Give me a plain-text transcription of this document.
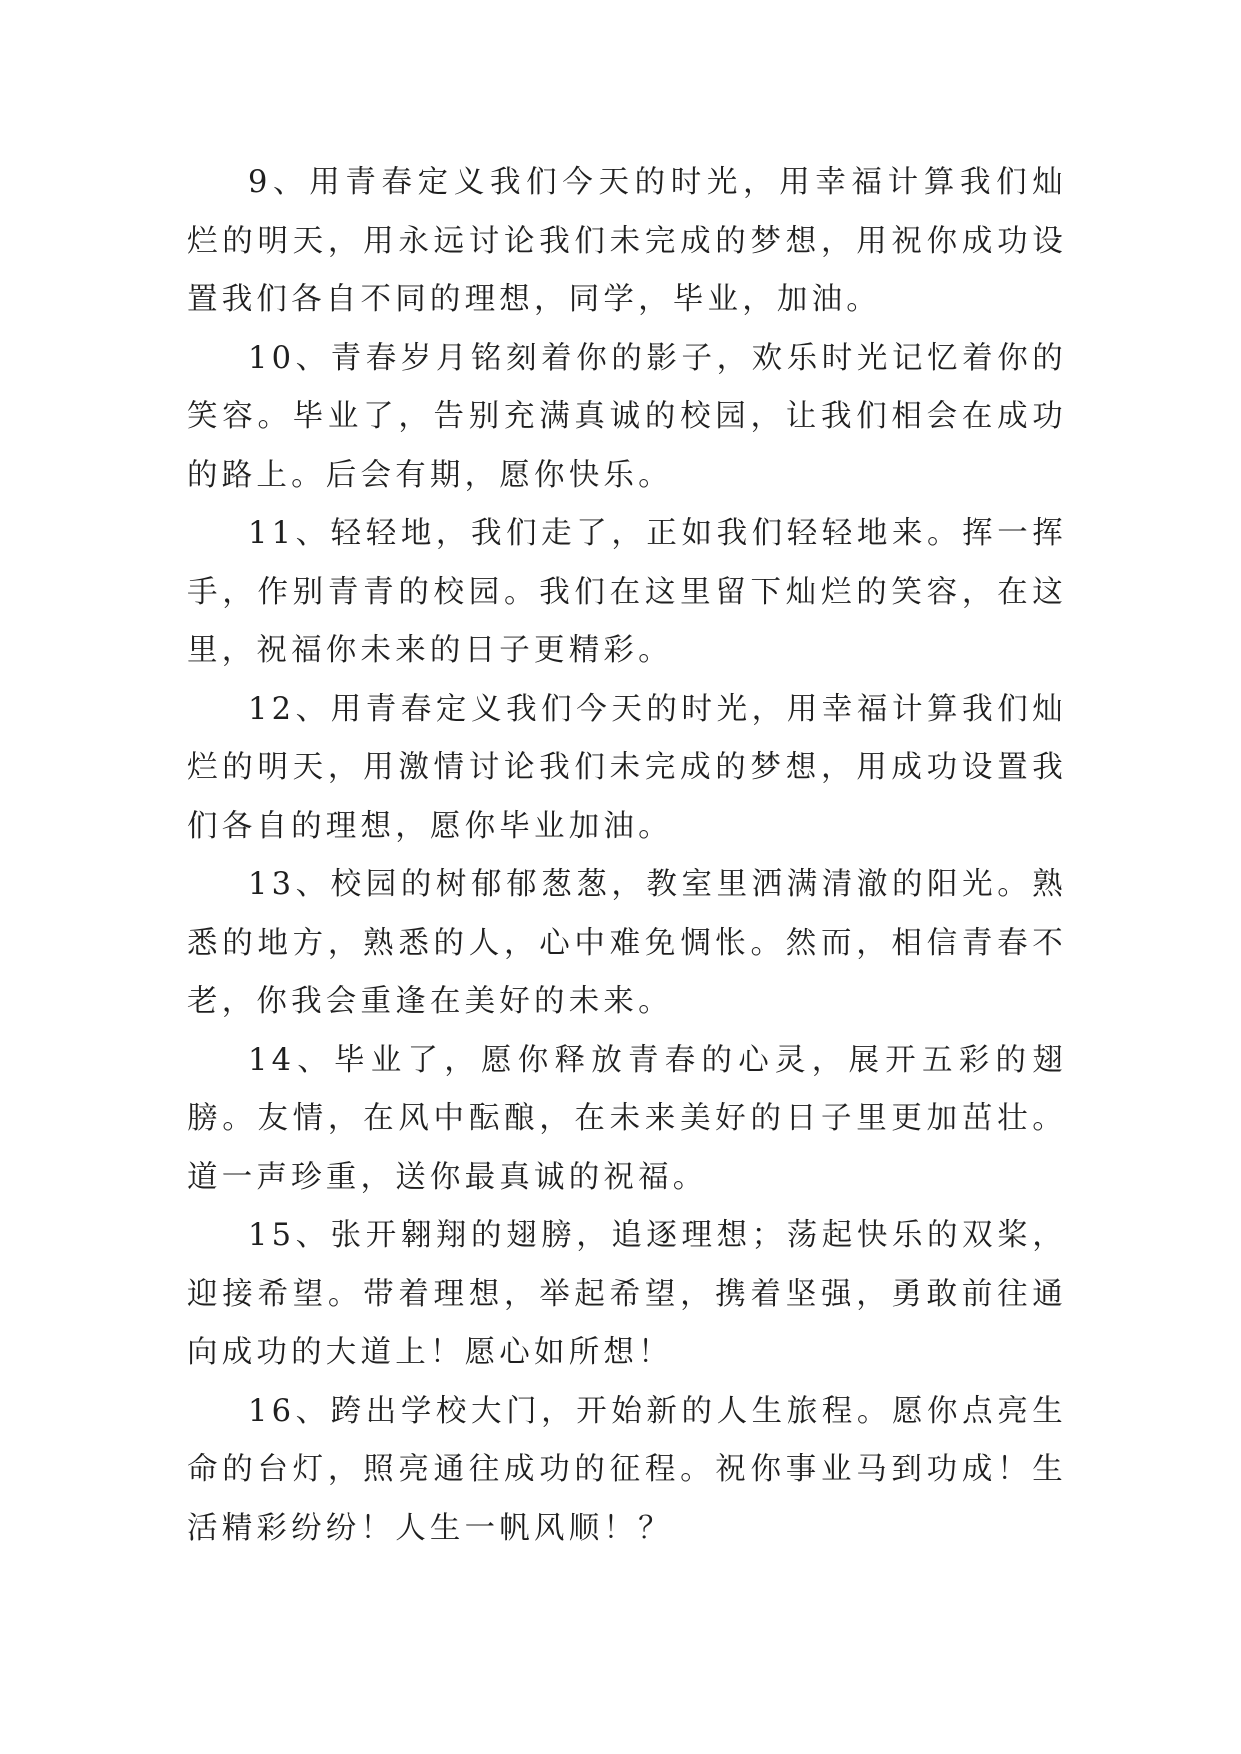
9、用青春定义我们今天的时光，用幸福计算我们灿烂的明天，用永远讨论我们未完成的梦想，用祝你成功设置我们各自不同的理想，同学，毕业，加油。

10、青春岁月铭刻着你的影子，欢乐时光记忆着你的笑容。毕业了，告别充满真诚的校园，让我们相会在成功的路上。后会有期，愿你快乐。

11、轻轻地，我们走了，正如我们轻轻地来。挥一挥手，作别青青的校园。我们在这里留下灿烂的笑容，在这里，祝福你未来的日子更精彩。

12、用青春定义我们今天的时光，用幸福计算我们灿烂的明天，用激情讨论我们未完成的梦想，用成功设置我们各自的理想，愿你毕业加油。

13、校园的树郁郁葱葱，教室里洒满清澈的阳光。熟悉的地方，熟悉的人，心中难免惆怅。然而，相信青春不老，你我会重逢在美好的未来。

14、毕业了，愿你释放青春的心灵，展开五彩的翅膀。友情，在风中酝酿，在未来美好的日子里更加茁壮。道一声珍重，送你最真诚的祝福。

15、张开翱翔的翅膀，追逐理想；荡起快乐的双桨，迎接希望。带着理想，举起希望，携着坚强，勇敢前往通向成功的大道上！愿心如所想！

16、跨出学校大门，开始新的人生旅程。愿你点亮生命的台灯，照亮通往成功的征程。祝你事业马到功成！生活精彩纷纷！人生一帆风顺！？
